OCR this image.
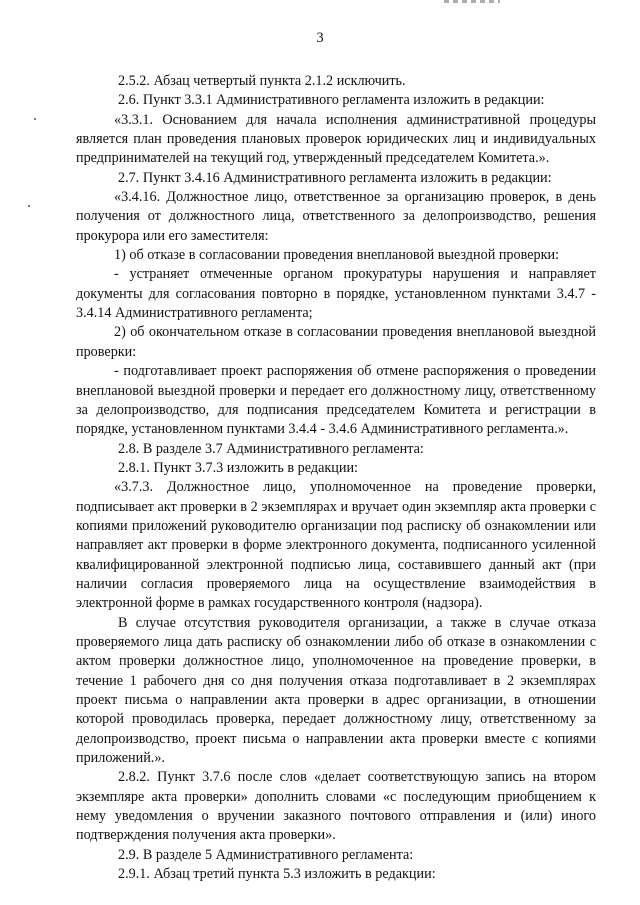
3

2.5.2. Абзац четвертый пункта 2.1.2 исключить.

2.6. Пункт 3.3.1 Административного регламента изложить в редакции:

«3.3.1. Основанием для начала исполнения административной процедуры является план проведения плановых проверок юридических лиц и индивидуальных предпринимателей на текущий год, утвержденный председателем Комитета.».

2.7. Пункт 3.4.16 Административного регламента изложить в редакции:

«3.4.16. Должностное лицо, ответственное за организацию проверок, в день получения от должностного лица, ответственного за делопроизводство, решения прокурора или его заместителя:

1) об отказе в согласовании проведения внеплановой выездной проверки:

- устраняет отмеченные органом прокуратуры нарушения и направляет документы для согласования повторно в порядке, установленном пунктами 3.4.7 - 3.4.14 Административного регламента;

2) об окончательном отказе в согласовании проведения внеплановой выездной проверки:

- подготавливает проект распоряжения об отмене распоряжения о проведении внеплановой выездной проверки и передает его должностному лицу, ответственному за делопроизводство, для подписания председателем Комитета и регистрации в порядке, установленном пунктами 3.4.4 - 3.4.6 Административного регламента.».

2.8. В разделе 3.7 Административного регламента:

2.8.1. Пункт 3.7.3 изложить в редакции:

«3.7.3. Должностное лицо, уполномоченное на проведение проверки, подписывает акт проверки в 2 экземплярах и вручает один экземпляр акта проверки с копиями приложений руководителю организации под расписку об ознакомлении или направляет акт проверки в форме электронного документа, подписанного усиленной квалифицированной электронной подписью лица, составившего данный акт (при наличии согласия проверяемого лица на осуществление взаимодействия в электронной форме в рамках государственного контроля (надзора).

В случае отсутствия руководителя организации, а также в случае отказа проверяемого лица дать расписку об ознакомлении либо об отказе в ознакомлении с актом проверки должностное лицо, уполномоченное на проведение проверки, в течение 1 рабочего дня со дня получения отказа подготавливает в 2 экземплярах проект письма о направлении акта проверки в адрес организации, в отношении которой проводилась проверка, передает должностному лицу, ответственному за делопроизводство, проект письма о направлении акта проверки вместе с копиями приложений.».

2.8.2. Пункт 3.7.6 после слов «делает соответствующую запись на втором экземпляре акта проверки» дополнить словами «с последующим приобщением к нему уведомления о вручении заказного почтового отправления и (или) иного подтверждения получения акта проверки».

2.9. В разделе 5 Административного регламента:

2.9.1. Абзац третий пункта 5.3 изложить в редакции:
